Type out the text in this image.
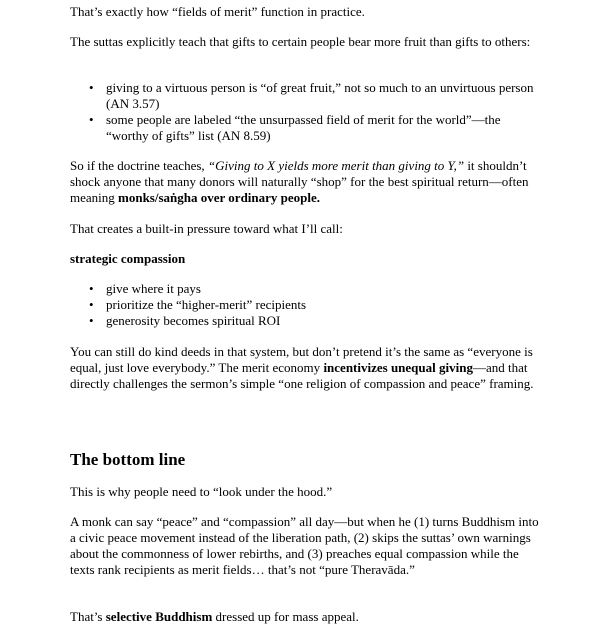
That’s exactly how “fields of merit” function in practice.

The suttas explicitly teach that gifts to certain people bear more fruit than gifts to others:

• giving to a virtuous person is “of great fruit,” not so much to an unvirtuous person (AN 3.57)
• some people are labeled “the unsurpassed field of merit for the world”—the “worthy of gifts” list (AN 8.59)

So if the doctrine teaches, “Giving to X yields more merit than giving to Y,” it shouldn’t shock anyone that many donors will naturally “shop” for the best spiritual return—often meaning monks/saṅgha over ordinary people.

That creates a built-in pressure toward what I’ll call:

strategic compassion

• give where it pays
• prioritize the “higher-merit” recipients
• generosity becomes spiritual ROI

You can still do kind deeds in that system, but don’t pretend it’s the same as “everyone is equal, just love everybody.” The merit economy incentivizes unequal giving—and that directly challenges the sermon’s simple “one religion of compassion and peace” framing.

The bottom line

This is why people need to “look under the hood.”

A monk can say “peace” and “compassion” all day—but when he (1) turns Buddhism into a civic peace movement instead of the liberation path, (2) skips the suttas’ own warnings about the commonness of lower rebirths, and (3) preaches equal compassion while the texts rank recipients as merit fields… that’s not “pure Theravāda.”

That’s selective Buddhism dressed up for mass appeal.
